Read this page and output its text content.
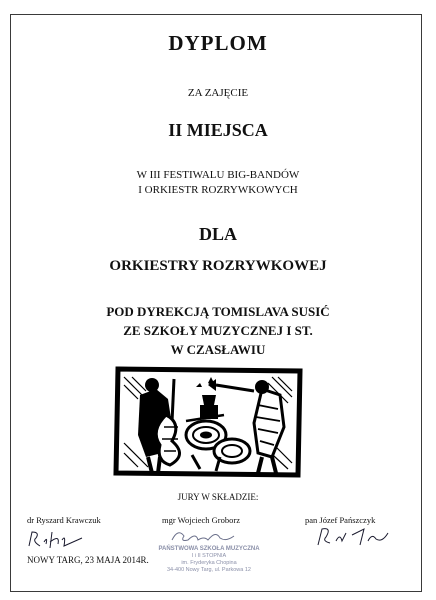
DYPLOM
ZA ZAJĘCIE
II MIEJSCA
W III FESTIWALU BIG-BANDÓW
I ORKIESTR ROZRYWKOWYCH
DLA
ORKIESTRY ROZRYWKOWEJ
POD DYREKCJĄ TOMISLAVA SUSIĆ
ZE SZKOŁY MUZYCZNEJ I ST.
W CZASŁAWIU
JURY W SKŁADZIE:
dr Ryszard Krawczuk	mgr Wojciech Groborz	pan Józef Pańszczyk
NOWY TARG, 23 MAJA 2014R.
PAŃSTWOWA SZKOŁA MUZYCZNA
I i II STOPNIA
im. Fryderyka Chopina
34-400 Nowy Targ, ul. Parkowa 12
